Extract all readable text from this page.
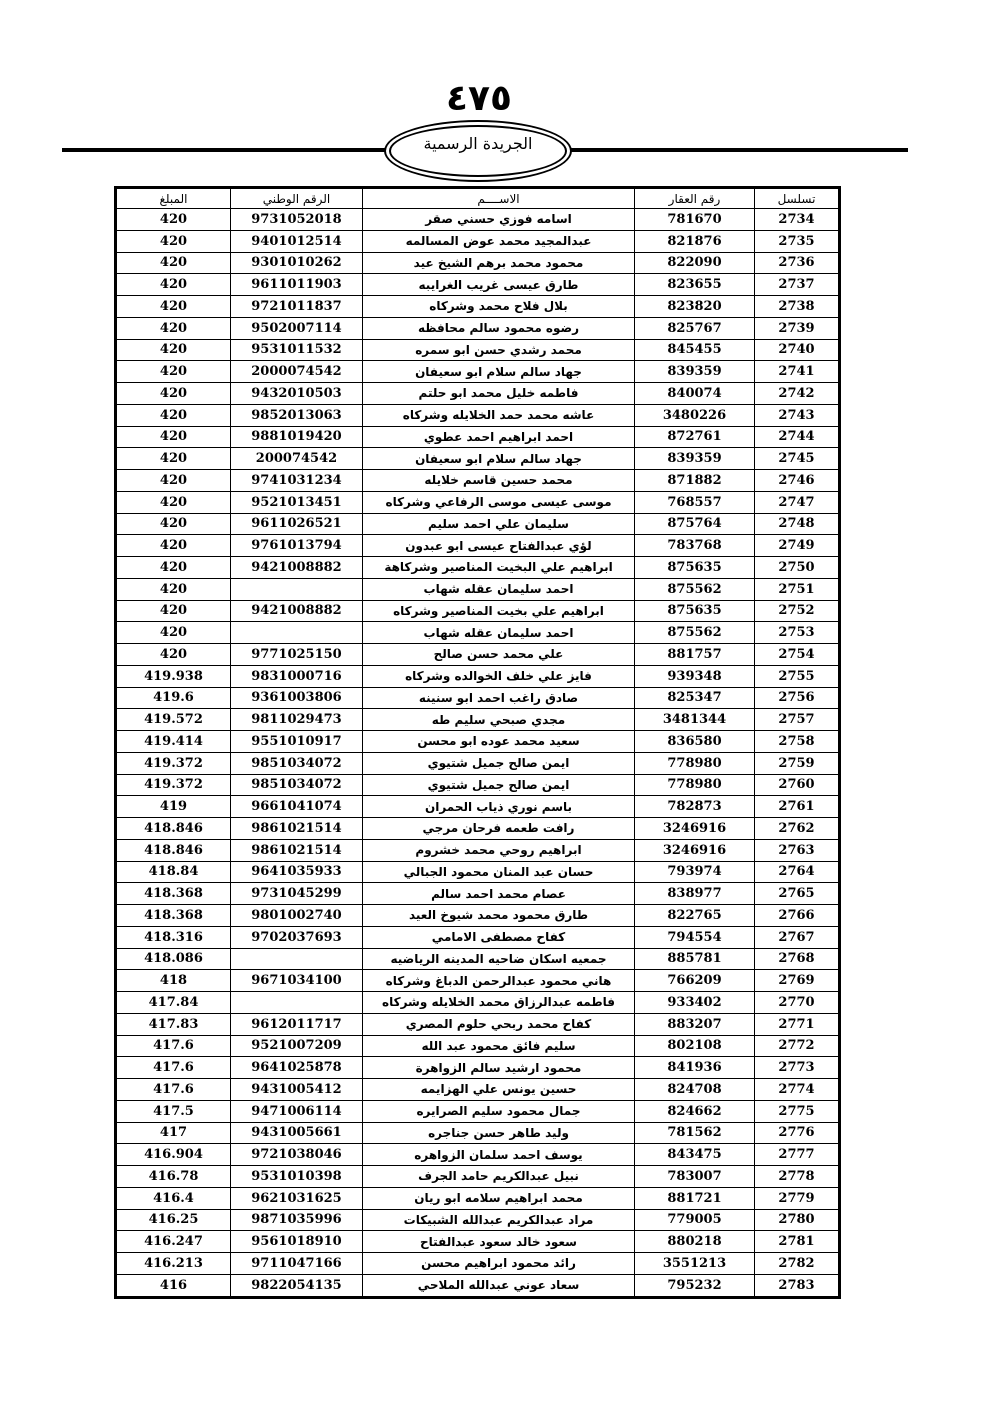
٤٧٥
الجريدة الرسمية
تسلسل	رقم العقار	الاســــم	الرقم الوطني	المبلغ
2734	781670	اسامه فوزي حسني صقر	9731052018	420
2735	821876	عبدالمجيد محمد عوض المسالمه	9401012514	420
2736	822090	محمود محمد برهم الشيخ عيد	9301010262	420
2737	823655	طارق عيسى غريب الغرايبه	9611011903	420
2738	823820	بلال فلاح محمد وشركاه	9721011837	420
2739	825767	رضوه محمود سالم محافظه	9502007114	420
2740	845455	محمد رشدي حسن ابو سمره	9531011532	420
2741	839359	جهاد سالم سلام ابو سعيفان	2000074542	420
2742	840074	فاطمه خليل محمد ابو حلتم	9432010503	420
2743	3480226	عاشه محمد حمد الخلايله وشركاه	9852013063	420
2744	872761	احمد ابراهيم احمد عطوي	9881019420	420
2745	839359	جهاد سالم سلام ابو سعيفان	200074542	420
2746	871882	محمد حسين قاسم خلايله	9741031234	420
2747	768557	موسى عيسى موسى الرفاعي وشركاه	9521013451	420
2748	875764	سليمان علي احمد سليم	9611026521	420
2749	783768	لؤي عبدالفتاح عيسى ابو عبدون	9761013794	420
2750	875635	ابراهيم علي البخيت المناصير وشركاهة	9421008882	420
2751	875562	احمد سليمان عقله شهاب		420
2752	875635	ابراهيم علي بخيت المناصير وشركاه	9421008882	420
2753	875562	احمد سليمان عقله شهاب		420
2754	881757	علي محمد حسن صالح	9771025150	420
2755	939348	فايز علي خلف الخوالده وشركاه	9831000716	419.938
2756	825347	صادق راغب احمد ابو سنينه	9361003806	419.6
2757	3481344	مجدي صبحي سليم طه	9811029473	419.572
2758	836580	سعيد محمد عوده ابو محسن	9551010917	419.414
2759	778980	ايمن صالح جميل شتيوي	9851034072	419.372
2760	778980	ايمن صالح جميل شتيوي	9851034072	419.372
2761	782873	باسم نوري ذياب الحمران	9661041074	419
2762	3246916	رافت طعمه فرحان مرجي	9861021514	418.846
2763	3246916	ابراهيم روحي محمد خشروم	9861021514	418.846
2764	793974	حسان عبد المنان محمود الجبالي	9641035933	418.84
2765	838977	عصام محمد احمد سالم	9731045299	418.368
2766	822765	طارق محمود محمد شيوخ العيد	9801002740	418.368
2767	794554	كفاح مصطفى الامامي	9702037693	418.316
2768	885781	جمعيه اسكان ضاحيه المدينه الرياضيه		418.086
2769	766209	هاني محمود عبدالرحمن الدباغ وشركاه	9671034100	418
2770	933402	فاطمه عبدالرزاق محمد الخلايله وشركاه		417.84
2771	883207	كفاح محمد ربحي حلوم المصري	9612011717	417.83
2772	802108	سليم فائق محمود عبد الله	9521007209	417.6
2773	841936	محمود ارشيد سالم الزواهرة	9641025878	417.6
2774	824708	حسين يونس علي الهزايمه	9431005412	417.6
2775	824662	جمال محمود سليم الصرايره	9471006114	417.5
2776	781562	وليد طاهر حسن جناجره	9431005661	417
2777	843475	يوسف احمد سلمان الزواهره	9721038046	416.904
2778	783007	نبيل عبدالكريم حامد الجرف	9531010398	416.78
2779	881721	محمد ابراهيم سلامه ابو ريان	9621031625	416.4
2780	779005	مراد عبدالكريم عبدالله الشبيكات	9871035996	416.25
2781	880218	سعود خالد سعود عبدالفتاح	9561018910	416.247
2782	3551213	رائد محمود ابراهيم محسن	9711047166	416.213
2783	795232	سعاد عوني عبدالله الملاحي	9822054135	416
